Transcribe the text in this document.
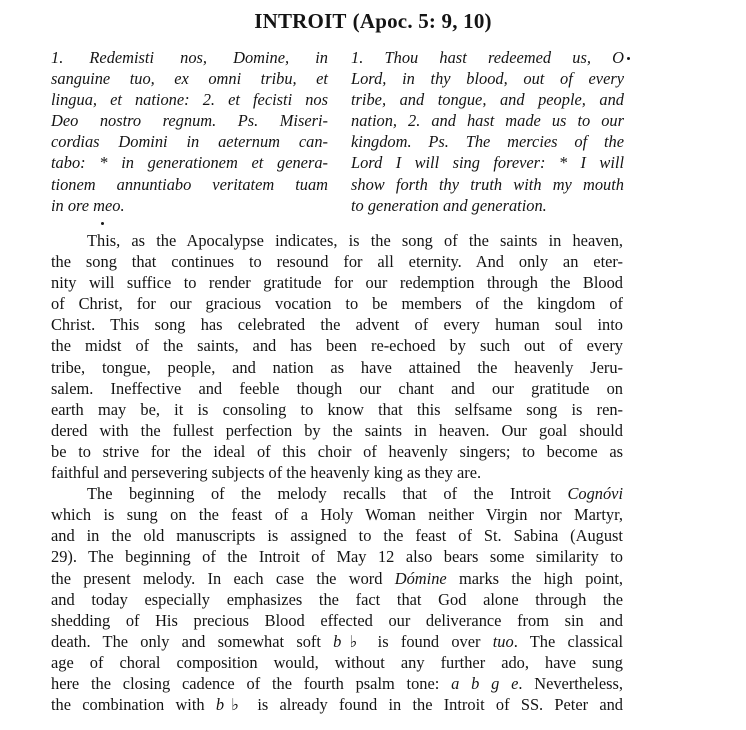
INTROIT (Apoc. 5: 9, 10)
1. Redemisti nos, Domine, in
sanguine tuo, ex omni tribu, et
lingua, et natione: 2. et fecisti nos
Deo nostro regnum. Ps. Miseri-
cordias Domini in aeternum can-
tabo: * in generationem et genera-
tionem annuntiabo veritatem tuam
in ore meo.
1. Thou hast redeemed us, O
Lord, in thy blood, out of every
tribe, and tongue, and people, and
nation, 2. and hast made us to our
kingdom. Ps. The mercies of the
Lord I will sing forever: * I will
show forth thy truth with my mouth
to generation and generation.
This, as the Apocalypse indicates, is the song of the saints in heaven,
the song that continues to resound for all eternity. And only an eter-
nity will suffice to render gratitude for our redemption through the Blood
of Christ, for our gracious vocation to be members of the kingdom of
Christ. This song has celebrated the advent of every human soul into
the midst of the saints, and has been re-echoed by such out of every
tribe, tongue, people, and nation as have attained the heavenly Jeru-
salem. Ineffective and feeble though our chant and our gratitude on
earth may be, it is consoling to know that this selfsame song is ren-
dered with the fullest perfection by the saints in heaven. Our goal should
be to strive for the ideal of this choir of heavenly singers; to become as
faithful and persevering subjects of the heavenly king as they are.
The beginning of the melody recalls that of the Introit Cognóvi
which is sung on the feast of a Holy Woman neither Virgin nor Martyr,
and in the old manuscripts is assigned to the feast of St. Sabina (August
29). The beginning of the Introit of May 12 also bears some similarity to
the present melody. In each case the word Dómine marks the high point,
and today especially emphasizes the fact that God alone through the
shedding of His precious Blood effected our deliverance from sin and
death. The only and somewhat soft b♭ is found over tuo. The classical
age of choral composition would, without any further ado, have sung
here the closing cadence of the fourth psalm tone: a b g e. Nevertheless,
the combination with b♭ is already found in the Introit of SS. Peter and
